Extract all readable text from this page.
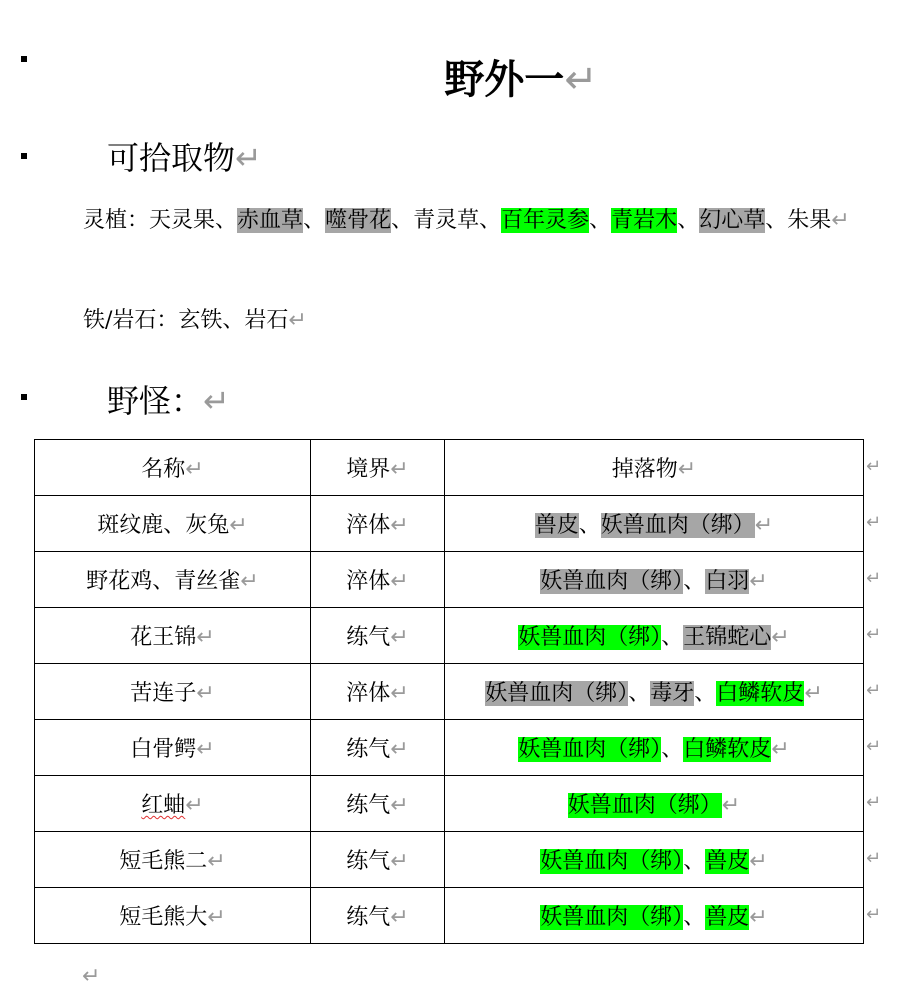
野外一↵
可拾取物↵
灵植：天灵果、赤血草、噬骨花、青灵草、百年灵参、青岩木、幻心草、朱果↵
铁/岩石：玄铁、岩石↵
野怪：↵
名称↵	境界↵	掉落物↵
斑纹鹿、灰兔↵	淬体↵	兽皮、妖兽血肉（绑）↵
野花鸡、青丝雀↵	淬体↵	妖兽血肉（绑）、白羽↵
花王锦↵	练气↵	妖兽血肉（绑）、王锦蛇心↵
苦连子↵	淬体↵	妖兽血肉（绑）、毒牙、白鳞软皮↵
白骨鳄↵	练气↵	妖兽血肉（绑）、白鳞软皮↵
红蚰↵	练气↵	妖兽血肉（绑）↵
短毛熊二↵	练气↵	妖兽血肉（绑）、兽皮↵
短毛熊大↵	练气↵	妖兽血肉（绑）、兽皮↵
↵
↵
↵
↵
↵
↵
↵
↵
↵
↵
